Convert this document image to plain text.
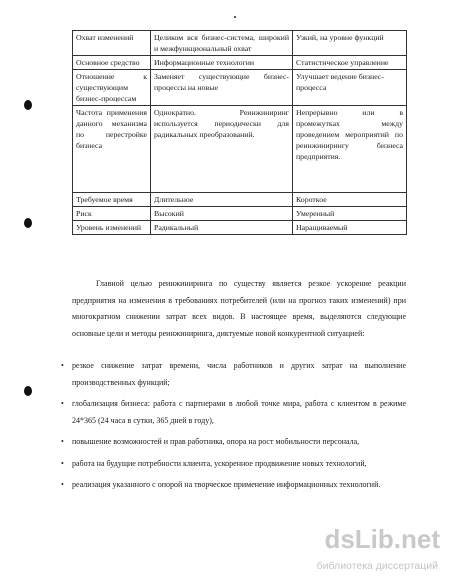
Охват изменений	Целиком вся бизнес-система, широкий и межфункциональный охват	Узкий, на уровне функций
Основное средство	Информационные технологии	Статистическое управление
Отношение к существующим бизнес-процессам	Заменяет существующие бизнес-процессы на новые	Улучшает ведение бизнес-процесса
Частота применения данного механизма по перестройке бизнеса	Однократно. Реинжиниринг используется периодически для радикальных преобразований.	Непрерывно или в промежутках между проведением мероприятий по реинжинирингу бизнеса предприятия.
Требуемое время	Длительное	Короткое
Риск	Высокий	Умеренный
Уровень изменений	Радикальный	Наращиваемый
Главной целью реинжиниринга по существу является резкое ускорение реакции предприятия на изменения в требованиях потребителей (или на прогноз таких изменений) при многократном снижении затрат всех видов. В настоящее время, выделяются следующие основные цели и методы реинжиниринга, диктуемые новой конкурентной ситуацией:
• резкое снижение затрат времени, числа работников и других затрат на выполнение производственных функций;
• глобализация бизнеса: работа с партнерами в любой точке мира, работа с клиентом в режиме 24*365 (24 часа в сутки, 365 дней в году),
• повышение возможностей и прав работника, опора на рост мобильности персонала,
• работа на будущие потребности клиента, ускоренное продвижение новых технологий,
• реализация указанного с опорой на творческое применение информационных технологий.
dsLib.net
библиотека диссертаций
